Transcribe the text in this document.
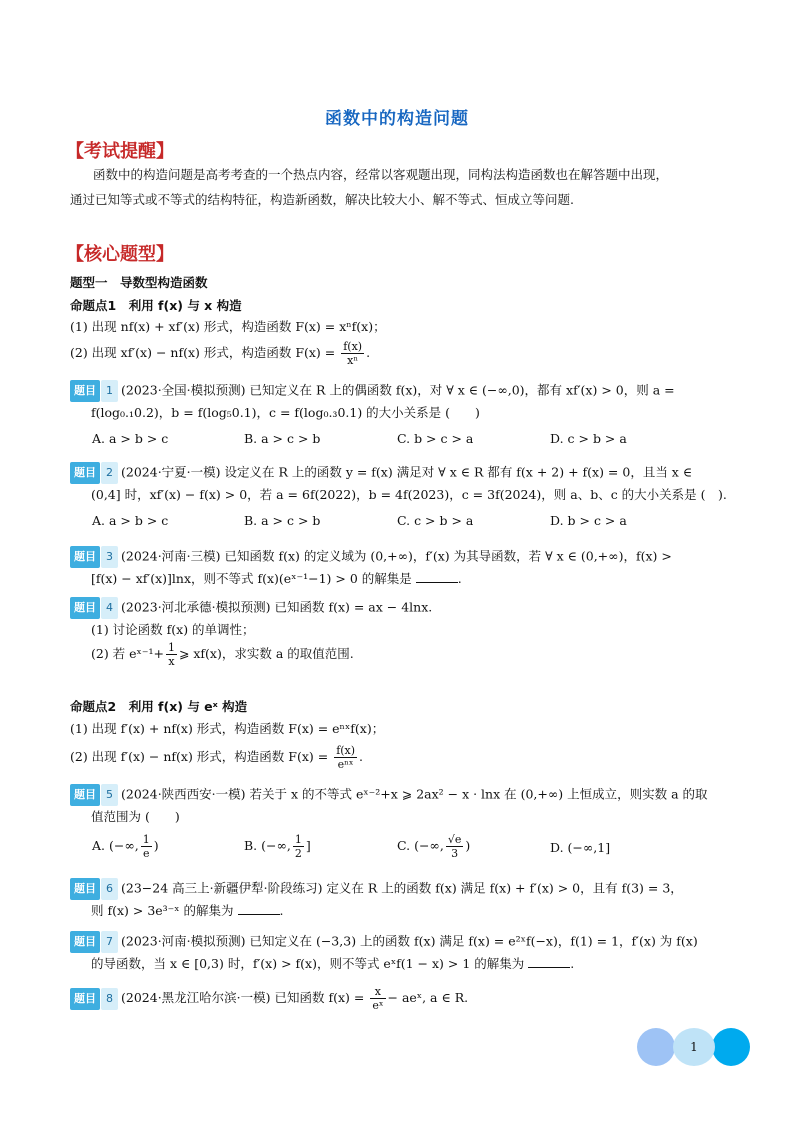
函数中的构造问题
【考试提醒】
函数中的构造问题是高考考查的一个热点内容，经常以客观题出现，同构法构造函数也在解答题中出现，
通过已知等式或不等式的结构特征，构造新函数，解决比较大小、解不等式、恒成立等问题.
【核心题型】
题型一　导数型构造函数
命题点1　利用 f(x) 与 x 构造
(1) 出现 nf(x) + xf′(x) 形式，构造函数 F(x) = xⁿf(x)；
(2) 出现 xf′(x) − nf(x) 形式，构造函数 $F(x) = \frac{f(x)}{\text{xⁿ}}$ .
题目 1 (2023·全国·模拟预测) 已知定义在 R 上的偶函数 f(x)，对 ∀ x ∈ (−∞,0)，都有 xf′(x) > 0，则 a =
f(log₀.₁0.2)，b = f(log₅0.1)，c = f(log₀.₃0.1) 的大小关系是 (　　)
A. a > b > c	B. a > c > b	C. b > c > a	D. c > b > a
题目 2 (2024·宁夏·一模) 设定义在 R 上的函数 y = f(x) 满足对 ∀ x ∈ R 都有 f(x + 2) + f(x) = 0，且当 x ∈
(0,4] 时，xf′(x) − f(x) > 0，若 a = 6f(2022)，b = 4f(2023)，c = 3f(2024)，则 a、b、c 的大小关系是 (　).
A. a > b > c	B. a > c > b	C. c > b > a	D. b > c > a
题目 3 (2024·河南·三模) 已知函数 f(x) 的定义域为 (0,+∞)，f′(x) 为其导函数，若 ∀ x ∈ (0,+∞)，f(x) >
[f(x) − xf′(x)]lnx，则不等式 f(x)(eˣ⁻¹−1) > 0 的解集是	.
题目 4 (2023·河北承德·模拟预测) 已知函数 f(x) = ax − 4lnx.
(1) 讨论函数 f(x) 的单调性；
(2) 若 eˣ⁻¹+ $\frac{1}{x}$ ⩾ xf(x)，求实数 a 的取值范围.
命题点2　利用 f(x) 与 eˣ 构造
(1) 出现 f′(x) + nf(x) 形式，构造函数 F(x) = eⁿˣf(x)；
(2) 出现 f′(x) − nf(x) 形式，构造函数 $F(x) = \frac{f(x)}{\text{eⁿˣ}}$ .
题目 5 (2024·陕西西安·一模) 若关于 x 的不等式 eˣ⁻²+x ⩾ 2ax² − x · lnx 在 (0,+∞) 上恒成立，则实数 a 的取
值范围为 (　　)
A. (−∞, $\frac{1}{e}$ )	B. (−∞, $\frac{1}{2}$ ]	C. (−∞, $\frac{√e}{3}$ )	D. (−∞,1]
题目 6 (23−24 高三上·新疆伊犁·阶段练习) 定义在 R 上的函数 f(x) 满足 f(x) + f′(x) > 0，且有 f(3) = 3，
则 f(x) > 3e³⁻ˣ 的解集为	.
题目 7 (2023·河南·模拟预测) 已知定义在 (−3,3) 上的函数 f(x) 满足 f(x) = e²ˣf(−x)，f(1) = 1，f′(x) 为 f(x)
的导函数，当 x ∈ [0,3) 时，f′(x) > f(x)，则不等式 eˣf(1 − x) > 1 的解集为	.
题目 8 (2024·黑龙江哈尔滨·一模) 已知函数 $f(x) = \frac{x}{\text{eˣ}}$ − aeˣ, a ∈ R.
1
